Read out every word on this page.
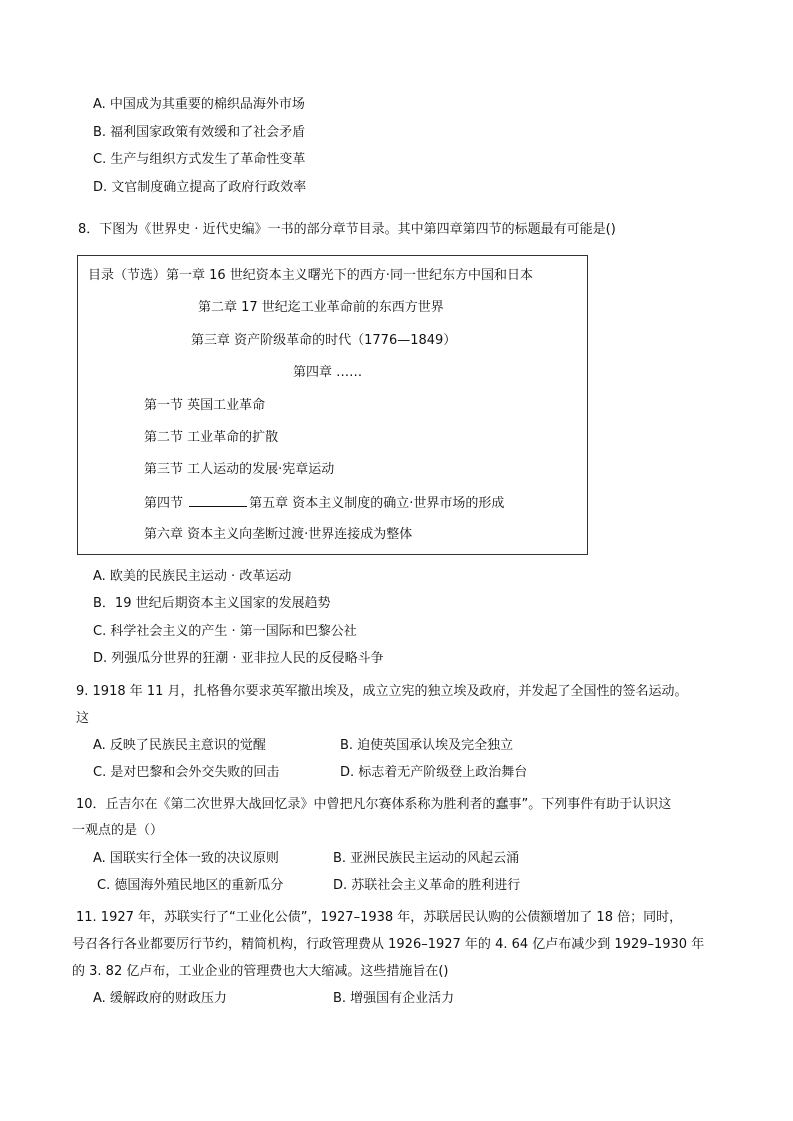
A. 中国成为其重要的棉织品海外市场
B. 福利国家政策有效缓和了社会矛盾
C. 生产与组织方式发生了革命性变革
D. 文官制度确立提高了政府行政效率
8．下图为《世界史 · 近代史编》一书的部分章节目录。其中第四章第四节的标题最有可能是()
目录（节选）第一章 16 世纪资本主义曙光下的西方·同一世纪东方中国和日本
第二章 17 世纪迄工业革命前的东西方世界
第三章 资产阶级革命的时代（1776—1849）
第四章 ……
第一节 英国工业革命
第二节 工业革命的扩散
第三节 工人运动的发展·宪章运动
第四节	第五章 资本主义制度的确立·世界市场的形成
第六章 资本主义向垄断过渡·世界连接成为整体
A. 欧美的民族民主运动 · 改革运动
B．19 世纪后期资本主义国家的发展趋势
C. 科学社会主义的产生 · 第一国际和巴黎公社
D. 列强瓜分世界的狂潮 · 亚非拉人民的反侵略斗争
9. 1918 年 11 月，扎格鲁尔要求英军撤出埃及，成立立宪的独立埃及政府，并发起了全国性的签名运动。
这
A. 反映了民族民主意识的觉醒	B. 迫使英国承认埃及完全独立
C. 是对巴黎和会外交失败的回击	D. 标志着无产阶级登上政治舞台
10．丘吉尔在《第二次世界大战回忆录》中曾把凡尔赛体系称为胜利者的蠢事”。下列事件有助于认识这
一观点的是（）
A. 国联实行全体一致的决议原则	B. 亚洲民族民主运动的风起云涌
C. 德国海外殖民地区的重新瓜分	D. 苏联社会主义革命的胜利进行
11. 1927 年，苏联实行了“工业化公债”，1927–1938 年，苏联居民认购的公债额增加了 18 倍；同时，
号召各行各业都要厉行节约，精简机构，行政管理费从 1926–1927 年的 4. 64 亿卢布减少到 1929–1930 年
的 3. 82 亿卢布，工业企业的管理费也大大缩减。这些措施旨在()
A. 缓解政府的财政压力	B. 增强国有企业活力
